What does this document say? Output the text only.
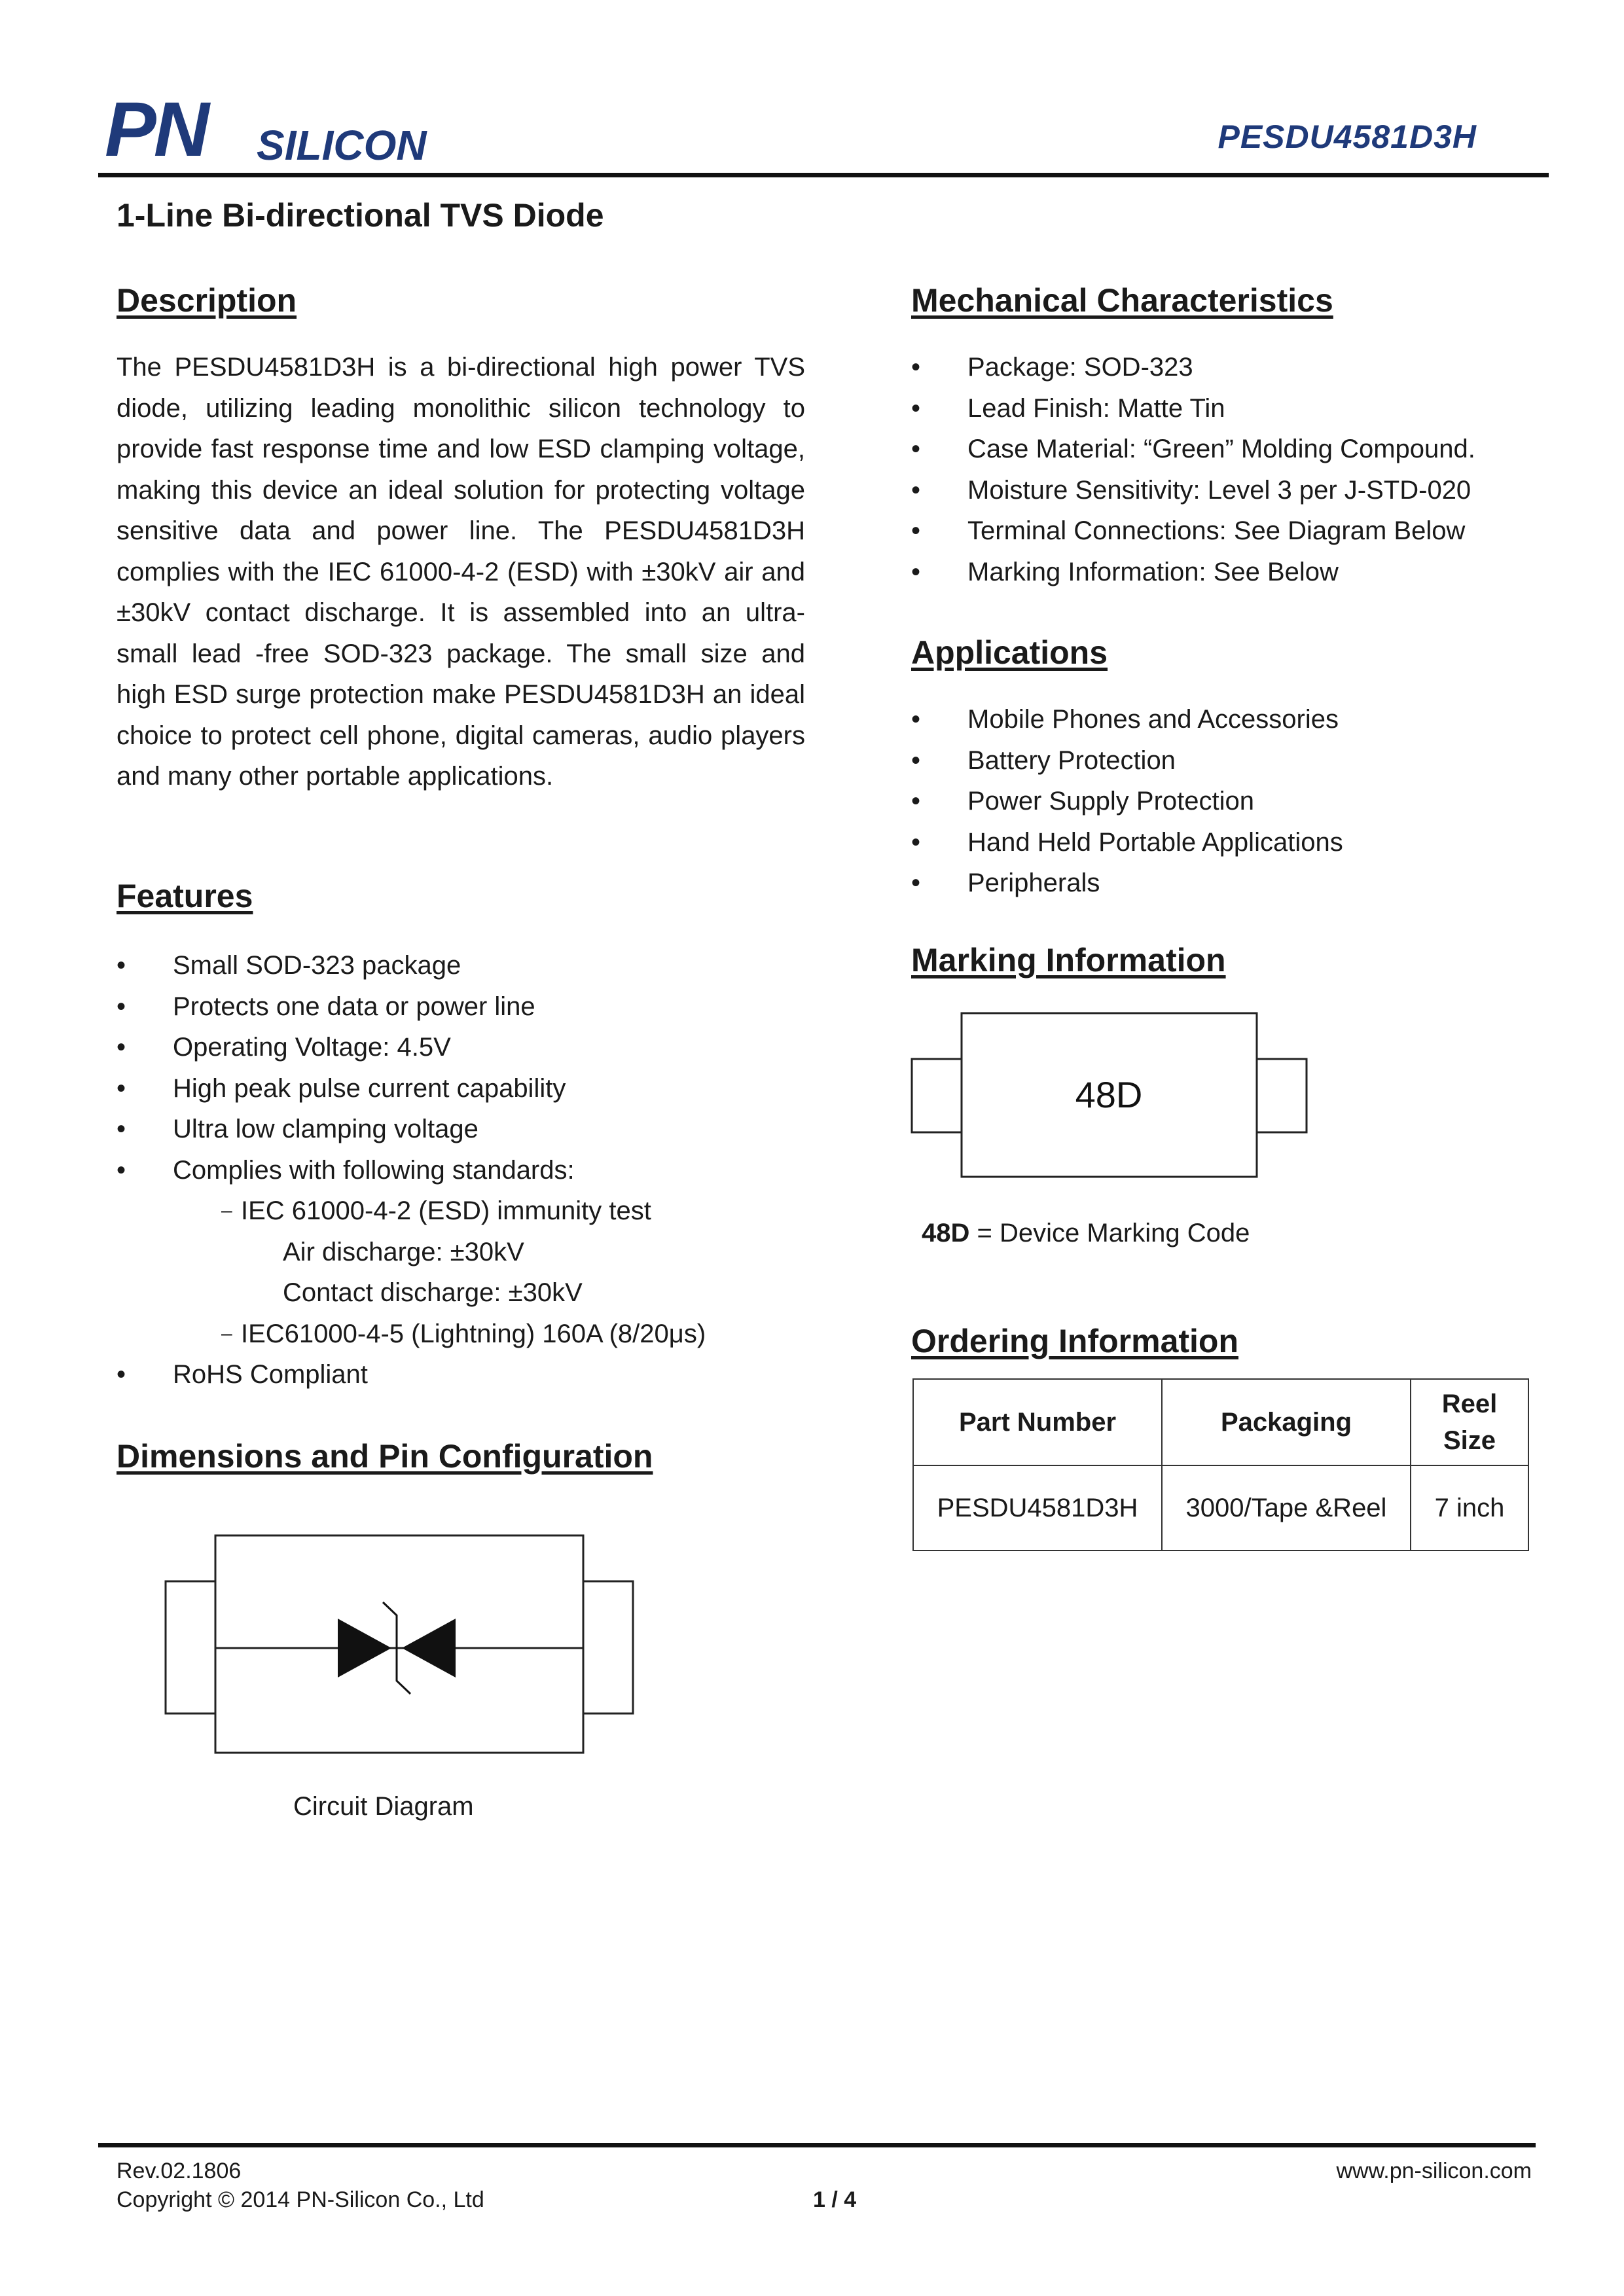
PN SILICON	PESDU4581D3H
1-Line Bi-directional TVS Diode
Description

The PESDU4581D3H is a bi-directional high power TVS diode, utilizing leading monolithic silicon technology to provide fast response time and low ESD clamping voltage, making this device an ideal solution for protecting voltage sensitive data and power line. The PESDU4581D3H complies with the IEC 61000-4-2 (ESD) with ±30kV air and ±30kV contact discharge. It is assembled into an ultra-small lead -free SOD-323 package. The small size and high ESD surge protection make PESDU4581D3H an ideal choice to protect cell phone, digital cameras, audio players and many other portable applications.

Features
•	Small SOD-323 package
•	Protects one data or power line
•	Operating Voltage: 4.5V
•	High peak pulse current capability
•	Ultra low clamping voltage
•	Complies with following standards:
– IEC 61000-4-2 (ESD) immunity test
Air discharge: ±30kV
Contact discharge: ±30kV
– IEC61000-4-5 (Lightning) 160A (8/20μs)
•	RoHS Compliant
Dimensions and Pin Configuration
Circuit Diagram
Mechanical Characteristics
•	Package: SOD-323
•	Lead Finish: Matte Tin
•	Case Material: “Green” Molding Compound.
•	Moisture Sensitivity: Level 3 per J-STD-020
•	Terminal Connections: See Diagram Below
•	Marking Information: See Below
Applications
•	Mobile Phones and Accessories
•	Battery Protection
•	Power Supply Protection
•	Hand Held Portable Applications
•	Peripherals
Marking Information
48D
48D = Device Marking Code
Ordering Information
Part Number	Packaging	Reel Size
PESDU4581D3H	3000/Tape &Reel	7 inch
Rev.02.1806
Copyright © 2014 PN-Silicon Co., Ltd	1 / 4
www.pn-silicon.com
